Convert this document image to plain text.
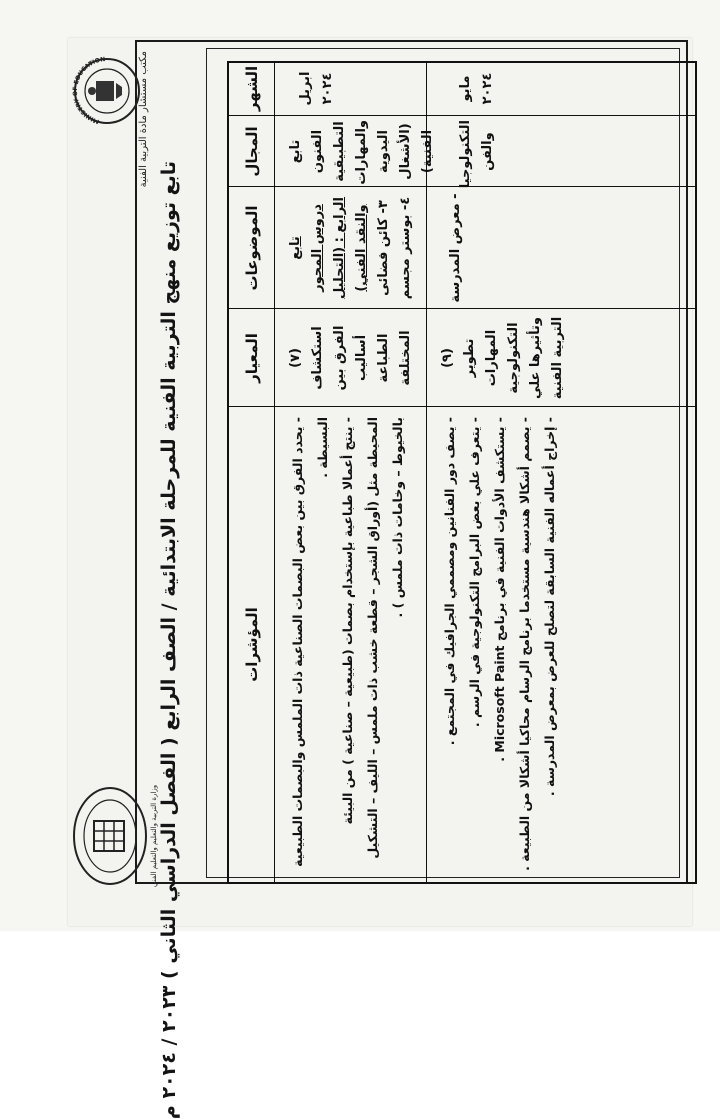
مكتب مستشار مادة التربية الفنية
تابع توزيع منهج التربية الفنية للمرحلة الابتدائية / الصف الرابع ( الفصل الدراسي الثاني ) ٢٠٢٣ / ٢٠٢٤ م
MINISTRY OF EDUCATION
وزارة التربية والتعليم والتعليم الفني
الشهر
المجال
الموضوعات
المعيار
المؤشرات
ابريل ٢٠٢٤
تابع الفنون التطبيقية والمهارات اليدوية (الأشغال الفنية)
تابع دروس المحور الرابع : (التحليل والنقد الفني) ٣- كائن فضائى
٤- بوستر مجسم
(٧) استكشاف الفرق بين أساليب الطباعة المختلفة
- يحدد الفرق بين بعض البصمات الصناعية ذات الملمس والبصمات الطبيعية البسيطة . - ينتج أعمالا طباعية بإستخدام بصمات (طبيعية – صناعية ) من البيئة المحيطة مثل (أوراق الشجر – قطعة خشب ذات ملمس – الليف – التشكيل بالخيوط – وخامات ذات ملمس ) .
مايو ٢٠٢٤
التكنولوجيا والفن
- معرض المدرسة
(٩) تطوير المهارات التكنولوجية وتأثيرها علي التربية الفنية
- يصف دور الفنانين ومصممي الجرافيك في المجتمع . - يتعرف علي بعض البرامج التكنولوجية في الرسم .
- يستكشف الأدوات الفنية في برنامج Microsoft Paint . - يصمم أشكالا هندسية مستخدما برنامج الرسام محاكيا أشكالا من الطبيعة . - إخراج أعماله الفنية السابقة لتصلح للعرض بمعرض المدرسة .
